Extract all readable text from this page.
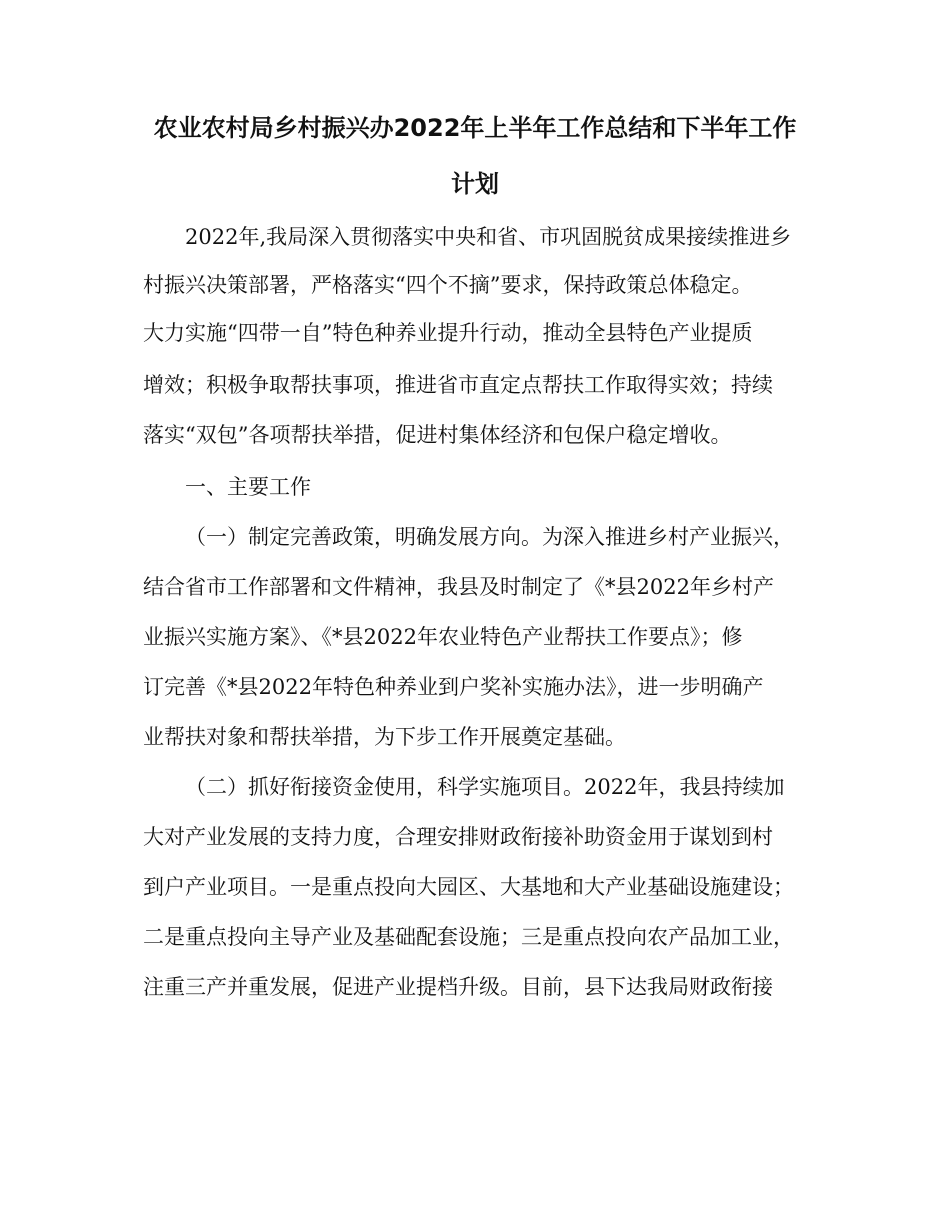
农业农村局乡村振兴办2022年上半年工作总结和下半年工作
计划
2022年,我局深入贯彻落实中央和省、市巩固脱贫成果接续推进乡
村振兴决策部署，严格落实“四个不摘”要求，保持政策总体稳定。
大力实施“四带一自”特色种养业提升行动，推动全县特色产业提质
增效；积极争取帮扶事项，推进省市直定点帮扶工作取得实效；持续
落实“双包”各项帮扶举措，促进村集体经济和包保户稳定增收。
一、主要工作
（一）制定完善政策，明确发展方向。为深入推进乡村产业振兴，
结合省市工作部署和文件精神，我县及时制定了《*县2022年乡村产
业振兴实施方案》、《*县2022年农业特色产业帮扶工作要点》；修
订完善《*县2022年特色种养业到户奖补实施办法》，进一步明确产
业帮扶对象和帮扶举措，为下步工作开展奠定基础。
（二）抓好衔接资金使用，科学实施项目。2022年，我县持续加
大对产业发展的支持力度，合理安排财政衔接补助资金用于谋划到村
到户产业项目。一是重点投向大园区、大基地和大产业基础设施建设；
二是重点投向主导产业及基础配套设施；三是重点投向农产品加工业，
注重三产并重发展，促进产业提档升级。目前，县下达我局财政衔接
